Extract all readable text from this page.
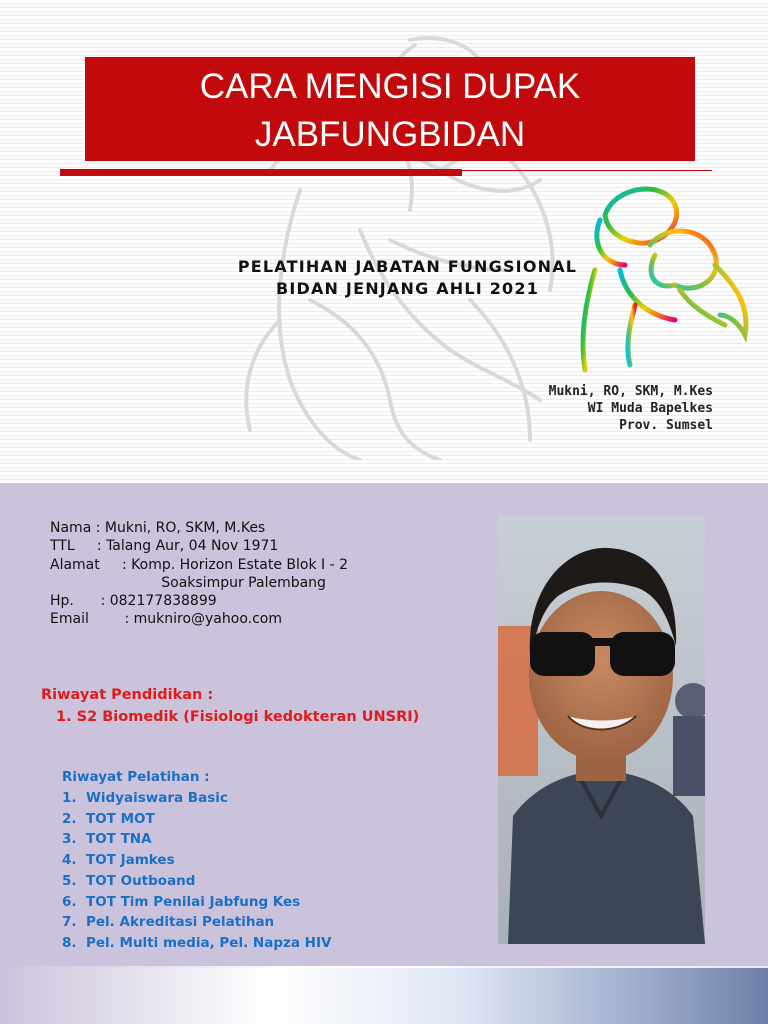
CARA MENGISI DUPAK
JABFUNGBIDAN
PELATIHAN JABATAN FUNGSIONAL
BIDAN JENJANG AHLI 2021
Mukni, RO, SKM, M.Kes
WI Muda Bapelkes
Prov. Sumsel
Nama : Mukni, RO, SKM, M.Kes
TTL     : Talang Aur, 04 Nov 1971
Alamat     : Komp. Horizon Estate Blok I - 2
Soaksimpur Palembang
Hp.      : 082177838899
Email        : mukniro@yahoo.com
Riwayat Pendidikan :
1. S2 Biomedik (Fisiologi kedokteran UNSRI)
Riwayat Pelatihan :
1. Widyaiswara Basic
2. TOT MOT
3. TOT TNA
4. TOT Jamkes
5. TOT Outboand
6. TOT Tim Penilai Jabfung Kes
7. Pel. Akreditasi Pelatihan
8. Pel. Multi media, Pel. Napza HIV
